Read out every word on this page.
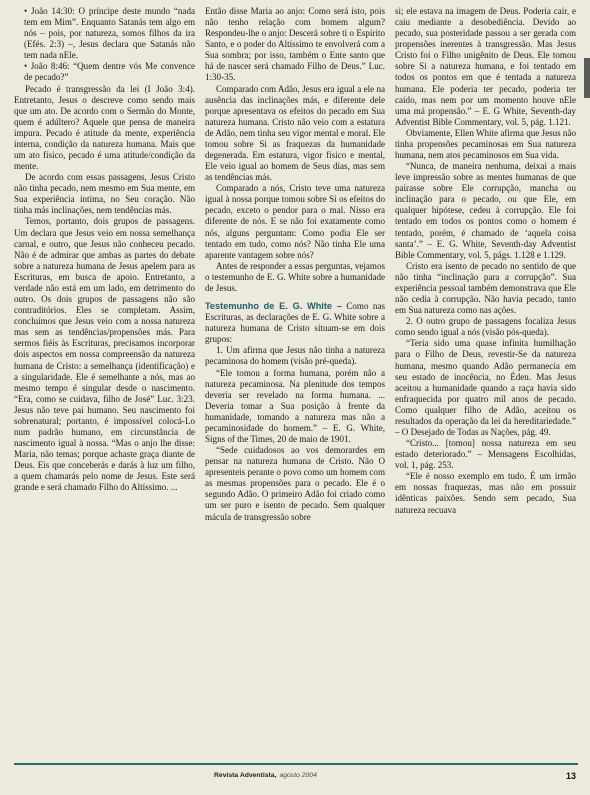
• João 14:30: O príncipe deste mundo “nada tem em Mim”. Enquanto Satanás tem algo em nós – pois, por natureza, somos filhos da ira (Efés. 2:3) –, Jesus declara que Satanás não tem nada nEle.

• João 8:46: “Quem dentre vós Me convence de pecado?”

Pecado é transgressão da lei (I João 3:4). Entretanto, Jesus o descreve como sendo mais que um ato. De acordo com o Sermão do Monte, quem é adúltero? Aquele que pensa de maneira impura. Pecado é atitude da mente, experiência interna, condição da natureza humana. Mais que um ato físico, pecado é uma atitude/condição da mente.

De acordo com essas passagens, Jesus Cristo não tinha pecado, nem mesmo em Sua mente, em Sua experiência íntima, no Seu coração. Não tinha más inclinações, nem tendências más.

Temos, portanto, dois grupos de passagens. Um declara que Jesus veio em nossa semelhança carnal, e outro, que Jesus não conheceu pecado. Não é de admirar que ambas as partes do debate sobre a natureza humana de Jesus apelem para as Escrituras, em busca de apoio. Entretanto, a verdade não está em um lado, em detrimento do outro. Os dois grupos de passagens não são contraditórios. Eles se completam. Assim, concluímos que Jesus veio com a nossa natureza mas sem as tendências/propensões más. Para sermos fiéis às Escrituras, precisamos incorporar dois aspectos em nossa compreensão da natureza humana de Cristo: a semelhança (identificação) e a singularidade. Ele é semelhante a nós, mas ao mesmo tempo é singular desde o nascimento. “Era, como se cuidava, filho de José” Luc. 3:23. Jesus não teve pai humano. Seu nascimento foi sobrenatural; portanto, é impossível colocá-Lo num padrão humano, em circunstância de nascimento igual à nossa. “Mas o anjo lhe disse: Maria, não temas; porque achaste graça diante de Deus. Eis que conceberás e darás à luz um filho, a quem chamarás pelo nome de Jesus. Este será grande e será chamado Filho do Altíssimo. ...

Então disse Maria ao anjo: Como será isto, pois não tenho relação com homem algum? Respondeu-lhe o anjo: Descerá sobre ti o Espírito Santo, e o poder do Altíssimo te envolverá com a Sua sombra; por isso, também o Ente santo que há de nascer será chamado Filho de Deus.” Luc. 1:30-35.

Comparado com Adão, Jesus era igual a ele na ausência das inclinações más, e diferente dele porque apresentava os efeitos do pecado em Sua natureza humana. Cristo não veio com a estatura de Adão, nem tinha seu vigor mental e moral. Ele tomou sobre Si as fraquezas da humanidade degenerada. Em estatura, vigor físico e mental, Ele veio igual ao homem de Seus dias, mas sem as tendências más.

Comparado a nós, Cristo teve uma natureza igual à nossa porque tomou sobre Si os efeitos do pecado, exceto o pendor para o mal. Nisso era diferente de nós. E se não foi exatamente como nós, alguns perguntam: Como podia Ele ser tentado em tudo, como nós? Não tinha Ele uma aparente vantagem sobre nós?

Antes de responder a essas perguntas, vejamos o testemunho de E. G. White sobre a humanidade de Jesus.

Testemunho de E. G. White – Como nas Escrituras, as declarações de E. G. White sobre a natureza humana de Cristo situam-se em dois grupos:

1. Um afirma que Jesus não tinha a natureza pecaminosa do homem (visão pré-queda).

“Ele tomou a forma humana, porém não a natureza pecaminosa. Na plenitude dos tempos deveria ser revelado na forma humana. ... Deveria tomar a Sua posição à frente da humanidade, tomando a natureza mas não a pecaminosidade do homem.” – E. G. White, Signs of the Times, 20 de maio de 1901.

“Sede cuidadosos ao vos demorardes em pensar na natureza humana de Cristo. Não O apresenteis perante o povo como um homem com as mesmas propensões para o pecado. Ele é o segundo Adão. O primeiro Adão foi criado como um ser puro e isento de pecado. Sem qualquer mácula de transgressão sobre

si; ele estava na imagem de Deus. Poderia cair, e caiu mediante a desobediência. Devido ao pecado, sua posteridade passou a ser gerada com propensões inerentes à transgressão. Mas Jesus Cristo foi o Filho unigênito de Deus. Ele tomou sobre Si a natureza humana, e foi tentado em todos os pontos em que é tentada a natureza humana. Ele poderia ter pecado, poderia ter caído, mas nem por um momento houve nEle uma má propensão.” – E. G White, Seventh-day Adventist Bible Commentary, vol. 5, pág. 1.121.

Obviamente, Ellen White afirma que Jesus não tinha propensões pecaminosas em Sua natureza humana, nem atos pecaminosos em Sua vida.

“Nunca, de maneira nenhuma, deixai a mais leve impressão sobre as mentes humanas de que pairasse sobre Ele corrupção, mancha ou inclinação para o pecado, ou que Ele, em qualquer hipótese, cedeu à corrupção. Ele foi tentado em todos os pontos como o homem é tentado, porém, é chamado de ‘aquela coisa santa’.” – E. G. White, Seventh-day Adventist Bible Commentary, vol. 5, págs. 1.128 e 1.129.

Cristo era isento de pecado no sentido de que não tinha “inclinação para a corrupção”. Sua experiência pessoal também demonstrava que Ele não cedia à corrupção. Não havia pecado, tanto em Sua natureza como nas ações.

2. O outro grupo de passagens focaliza Jesus como sendo igual a nós (visão pós-queda).

“Teria sido uma quase infinita humilhação para o Filho de Deus, revestir-Se da natureza humana, mesmo quando Adão permanecia em seu estado de inocência, no Éden. Mas Jesus aceitou a humanidade quando a raça havia sido enfraquecida por quatro mil anos de pecado. Como qualquer filho de Adão, aceitou os resultados da operação da lei da hereditariedade.” – O Desejado de Todas as Nações, pág. 49.

“Cristo... [tomou] nossa natureza em seu estado deteriorado.” – Mensagens Escolhidas, vol. 1, pág. 253.

“Ele é nosso exemplo em tudo. É um irmão em nossas fraquezas, mas não em possuir idênticas paixões. Sendo sem pecado, Sua natureza recuava

Revista Adventista, agosto 2004	13
